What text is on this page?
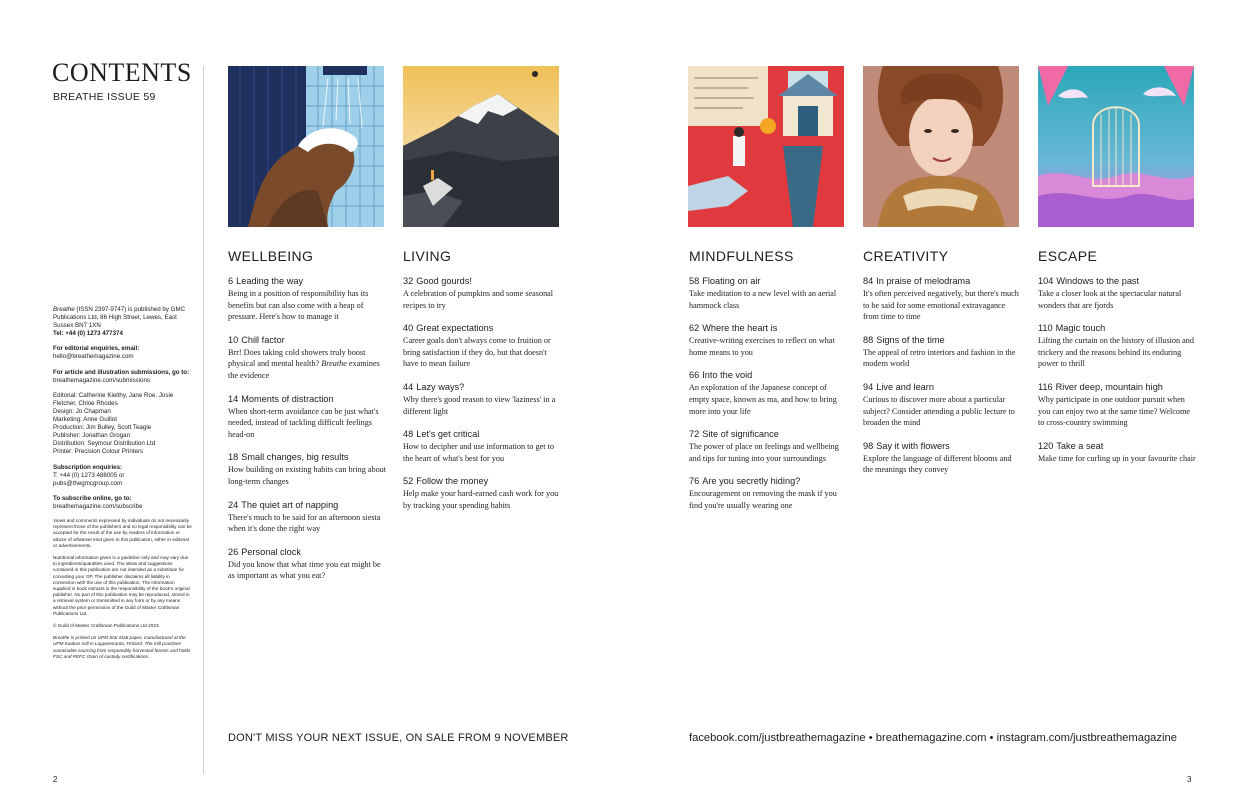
CONTENTS
BREATHE ISSUE 59

Breathe (ISSN 2397-9747) is published by GMC Publications Ltd, 86 High Street, Lewes, East Sussex BN7 1XN
Tel: +44 (0) 1273 477374

For editorial enquiries, email:
hello@breathemagazine.com

For article and illustration submissions, go to:
breathemagazine.com/submissions

Editorial: Catherine Kielthy, Jane Roe, Josie Fletcher, Chloe Rhodes
Design: Jo Chapman
Marketing: Anne Guillot
Production: Jim Bulley, Scott Teagle
Publisher: Jonathan Grogan
Distribution: Seymour Distribution Ltd
Printer: Precision Colour Printers

Subscription enquiries:
T: +44 (0) 1273 488005 or pubs@thegmcgroup.com

To subscribe online, go to:
breathemagazine.com/subscribe

Views and comments expressed by individuals do not necessarily represent those of the publishers and no legal responsibility can be accepted for the result of the use by readers of information or advice of whatever kind given in this publication, either in editorial or advertisements.

Nutritional information given is a guideline only and may vary due to ingredients/quantities used. The ideas and suggestions contained in this publication are not intended as a substitute for consulting your GP. The publisher disclaims all liability in connection with the use of this publication. The information supplied in book extracts is the responsibility of the book's original publisher. No part of this publication may be reproduced, stored in a retrieval system or transmitted in any form or by any means without the prior permission of the Guild of Master Craftsman Publications Ltd.

© Guild of Master Craftsman Publications Ltd 2023.

Breathe is printed on UPM Star Matt paper, manufactured at the UPM Kaukas mill in Lappeenranta, Finland. The mill practises sustainable sourcing from responsibly harvested forests and holds FSC and PEFC chain of custody certifications.

WELLBEING
6 Leading the way
Being in a position of responsibility has its benefits but can also come with a heap of pressure. Here's how to manage it
10 Chill factor
Brr! Does taking cold showers truly boost physical and mental health? Breathe examines the evidence
14 Moments of distraction
When short-term avoidance can be just what's needed, instead of tackling difficult feelings head-on
18 Small changes, big results
How building on existing habits can bring about long-term changes
24 The quiet art of napping
There's much to be said for an afternoon siesta when it's done the right way
26 Personal clock
Did you know that what time you eat might be as important as what you eat?
LIVING
32 Good gourds!
A celebration of pumpkins and some seasonal recipes to try
40 Great expectations
Career goals don't always come to fruition or bring satisfaction if they do, but that doesn't have to mean failure
44 Lazy ways?
Why there's good reason to view 'laziness' in a different light
48 Let's get critical
How to decipher and use information to get to the heart of what's best for you
52 Follow the money
Help make your hard-earned cash work for you by tracking your spending habits
MINDFULNESS
58 Floating on air
Take meditation to a new level with an aerial hammock class
62 Where the heart is
Creative-writing exercises to reflect on what home means to you
66 Into the void
An exploration of the Japanese concept of empty space, known as ma, and how to bring more into your life
72 Site of significance
The power of place on feelings and wellbeing and tips for tuning into your surroundings
76 Are you secretly hiding?
Encouragement on removing the mask if you find you're usually wearing one
CREATIVITY
84 In praise of melodrama
It's often perceived negatively, but there's much to be said for some emotional extravagance from time to time
88 Signs of the time
The appeal of retro interiors and fashion in the modern world
94 Live and learn
Curious to discover more about a particular subject? Consider attending a public lecture to broaden the mind
98 Say it with flowers
Explore the language of different blooms and the meanings they convey
ESCAPE
104 Windows to the past
Take a closer look at the spectacular natural wonders that are fjords
110 Magic touch
Lifting the curtain on the history of illusion and trickery and the reasons behind its enduring power to thrill
116 River deep, mountain high
Why participate in one outdoor pursuit when you can enjoy two at the same time? Welcome to cross-country swimming
120 Take a seat
Make time for curling up in your favourite chair
DON'T MISS YOUR NEXT ISSUE, ON SALE FROM 9 NOVEMBER	facebook.com/justbreathemagazine • breathemagazine.com • instagram.com/justbreathemagazine
2	3
